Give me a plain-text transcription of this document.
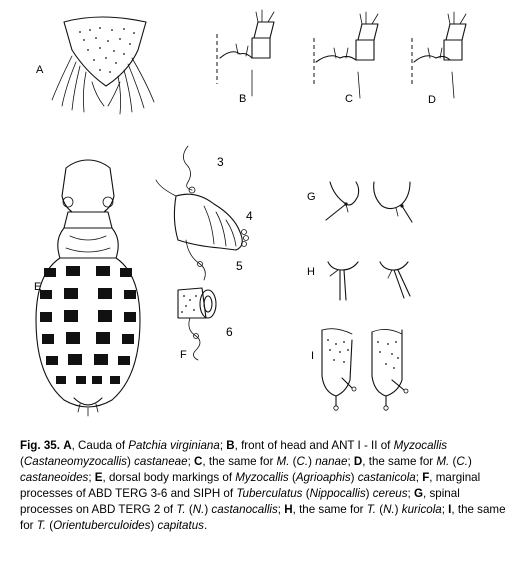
A
B	C	D
E
3
4
5
6
F
G
H
I
Fig. 35. A, Cauda of Patchia virginiana; B, front of head and ANT I - II of Myzocallis (Castaneomyzocallis) castaneae; C, the same for M. (C.) nanae; D, the same for M. (C.) castaneoides; E, dorsal body markings of Myzocallis (Agrioaphis) castanicola; F, marginal processes of ABD TERG 3-6 and SIPH of Tuberculatus (Nippocallis) cereus; G, spinal processes on ABD TERG 2 of T. (N.) castanocallis; H, the same for T. (N.) kuricola; I, the same for T. (Orientuberculoides) capitatus.
